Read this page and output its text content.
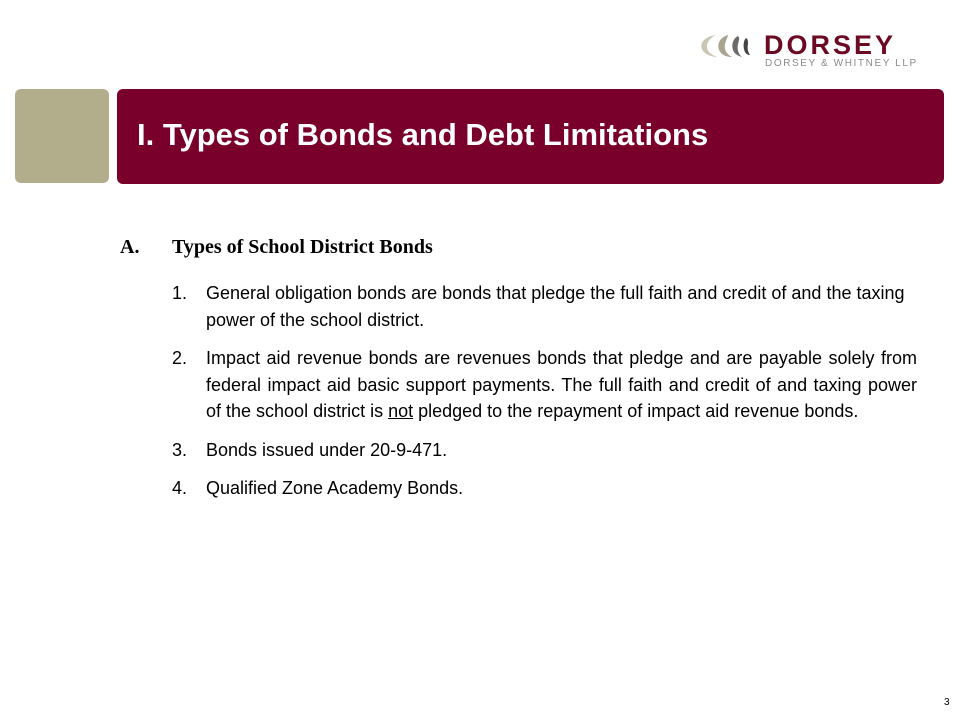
DORSEY
DORSEY & WHITNEY LLP
I. Types of Bonds and Debt Limitations
A. Types of School District Bonds
1. General obligation bonds are bonds that pledge the full faith and credit of and the taxing power of the school district.
2. Impact aid revenue bonds are revenues bonds that pledge and are payable solely from federal impact aid basic support payments. The full faith and credit of and taxing power of the school district is not pledged to the repayment of impact aid revenue bonds.
3. Bonds issued under 20-9-471.
4. Qualified Zone Academy Bonds.
3
